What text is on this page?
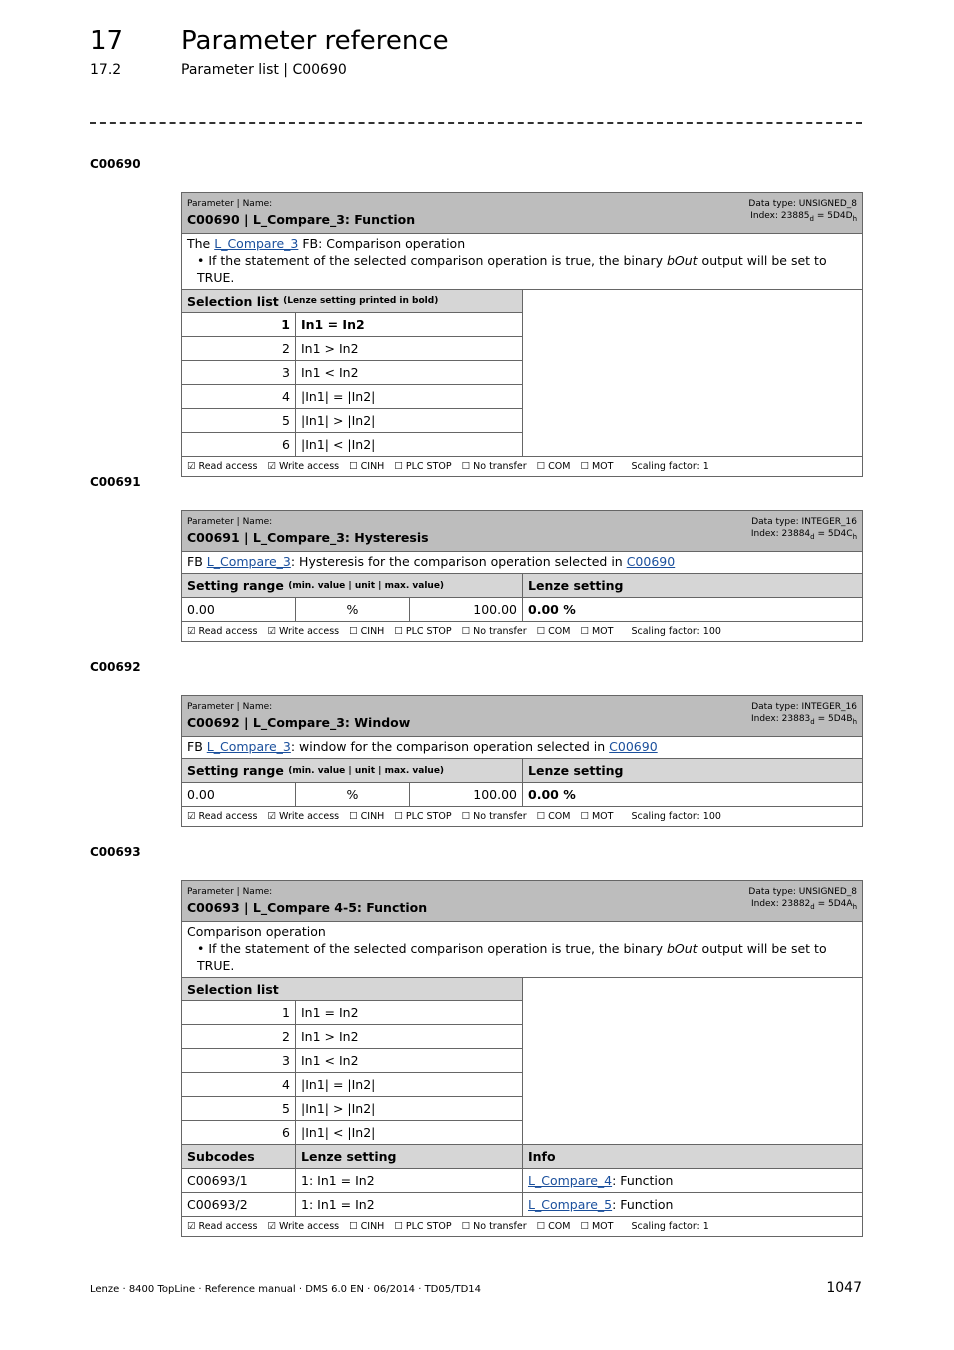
17 Parameter reference
17.2	Parameter list | C00690
C00690
Parameter | Name:
C00690 | L_Compare_3: Function
Data type: UNSIGNED_8
Index: $23885_d = 5D4D_h$
The L_Compare_3 FB: Comparison operation
• If the statement of the selected comparison operation is true, the binary bOut output will be set to TRUE.
Selection list
(Lenze setting printed in bold)
1 In1 = In2
2 In1 > In2
3 In1 < In2
4 |In1| = |In2|
5 |In1| > |In2|
6 |In1| < |In2|
☑ Read access ☑ Write access ☐ CINH ☐ PLC STOP ☐ No transfer ☐ COM ☐ MOT Scaling factor: 1
C00691
Parameter | Name:
C00691 | L_Compare_3: Hysteresis
Data type: INTEGER_16
Index: $23884_d = 5D4C_h$
FB L_Compare_3: Hysteresis for the comparison operation selected in C00690
Setting range
(min. value | unit | max. value)	Lenze setting
0.00	%	100.00 0.00 %
☑ Read access ☑ Write access ☐ CINH ☐ PLC STOP ☐ No transfer ☐ COM ☐ MOT Scaling factor: 100
C00692
Parameter | Name:
C00692 | L_Compare_3: Window
Data type: INTEGER_16
Index: $23883_d = 5D4B_h$
FB L_Compare_3: window for the comparison operation selected in C00690
Setting range
(min. value | unit | max. value)	Lenze setting
0.00	%	100.00 0.00 %
☑ Read access ☑ Write access ☐ CINH ☐ PLC STOP ☐ No transfer ☐ COM ☐ MOT Scaling factor: 100
C00693
Parameter | Name:
C00693 | L_Compare 4-5: Function
Data type: UNSIGNED_8
Index: $23882_d = 5D4A_h$
Comparison operation
• If the statement of the selected comparison operation is true, the binary bOut output will be set to TRUE.
Selection list
1 In1 = In2
2 In1 > In2
3 In1 < In2
4 |In1| = |In2|
5 |In1| > |In2|
6 |In1| < |In2|
Subcodes	Lenze setting	Info
C00693/1	1: In1 = In2	L_Compare_4 : Function
C00693/2	1: In1 = In2	L_Compare_5 : Function
☑ Read access ☑ Write access ☐ CINH ☐ PLC STOP ☐ No transfer ☐ COM ☐ MOT Scaling factor: 1
Lenze · 8400 TopLine · Reference manual · DMS 6.0 EN · 06/2014 · TD05/TD14	1047
